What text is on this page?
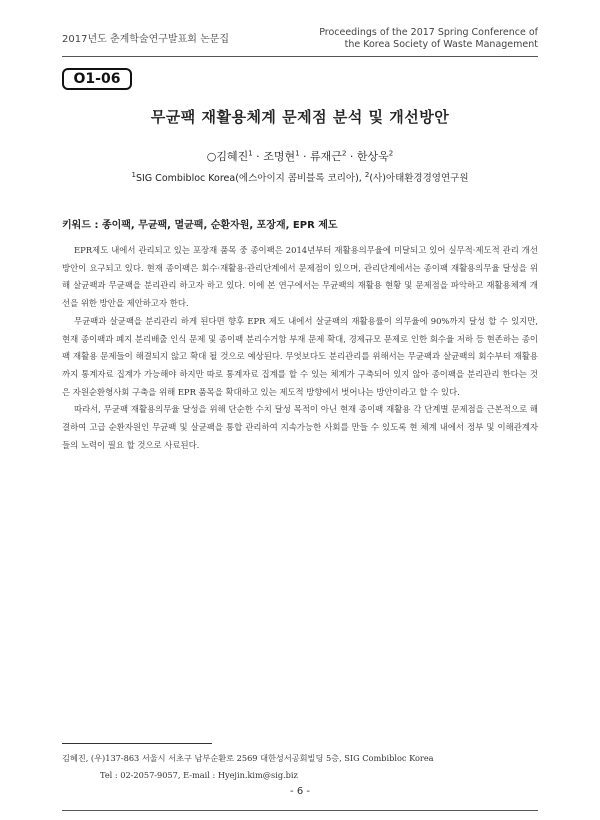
2017년도 춘계학술연구발표회 논문집
Proceedings of the 2017 Spring Conference of
the Korea Society of Waste Management
O1-06
무균팩 재활용체계 문제점 분석 및 개선방안
○김혜진$^1$ · 조명현$^1$ · 류재근$^2$ · 한상욱$^2$
$^1$SIG Combibloc Korea(에스아이지 콤비블록 코리아), $^2$(사)아태환경경영연구원
키워드 : 종이팩, 무균팩, 멸균팩, 순환자원, 포장재, EPR 제도

EPR제도 내에서 관리되고 있는 포장재 품목 중 종이팩은 2014년부터 재활용의무율에 미달되고 있어 실무적·제도적 관리 개선방안이 요구되고 있다. 현재 종이팩은 회수·재활용·관리단계에서 문제점이 있으며, 관리단계에서는 종이팩 재활용의무율 달성을 위해 살균팩과 무균팩을 분리관리 하고자 하고 있다. 이에 본 연구에서는 무균팩의 재활용 현황 및 문제점을 파악하고 재활용체계 개선을 위한 방안을 제안하고자 한다.

무균팩과 살균팩을 분리관리 하게 된다면 향후 EPR 제도 내에서 살균팩의 재활용률이 의무율에 90%까지 달성 할 수 있지만, 현재 종이팩과 폐지 분리배출 인식 문제 및 종이팩 분리수거함 부재 문제 확대, 경제규모 문제로 인한 회수율 저하 등 현존하는 종이팩 재활용 문제들이 해결되지 않고 확대 될 것으로 예상된다. 무엇보다도 분리관리를 위해서는 무균팩과 살균팩의 회수부터 재활용까지 통계자료 집계가 가능해야 하지만 따로 통계자료 집계를 할 수 있는 체계가 구축되어 있지 않아 종이팩을 분리관리 한다는 것은 자원순환형사회 구축을 위해 EPR 품목을 확대하고 있는 제도적 방향에서 벗어나는 방안이라고 할 수 있다.

따라서, 무균팩 재활용의무율 달성을 위해 단순한 수치 달성 목적이 아닌 현재 종이팩 재활용 각 단계별 문제점을 근본적으로 해결하여 고급 순환자원인 무균팩 및 살균팩을 통합 관리하여 지속가능한 사회를 만들 수 있도록 현 체계 내에서 정부 및 이해관계자들의 노력이 필요 할 것으로 사료된다.

김혜진, (우)137-863 서울시 서초구 남부순환로 2569 대한성서공회빌딩 5층, SIG Combibloc Korea
Tel : 02-2057-9057, E-mail : Hyejin.kim@sig.biz
- 6 -
